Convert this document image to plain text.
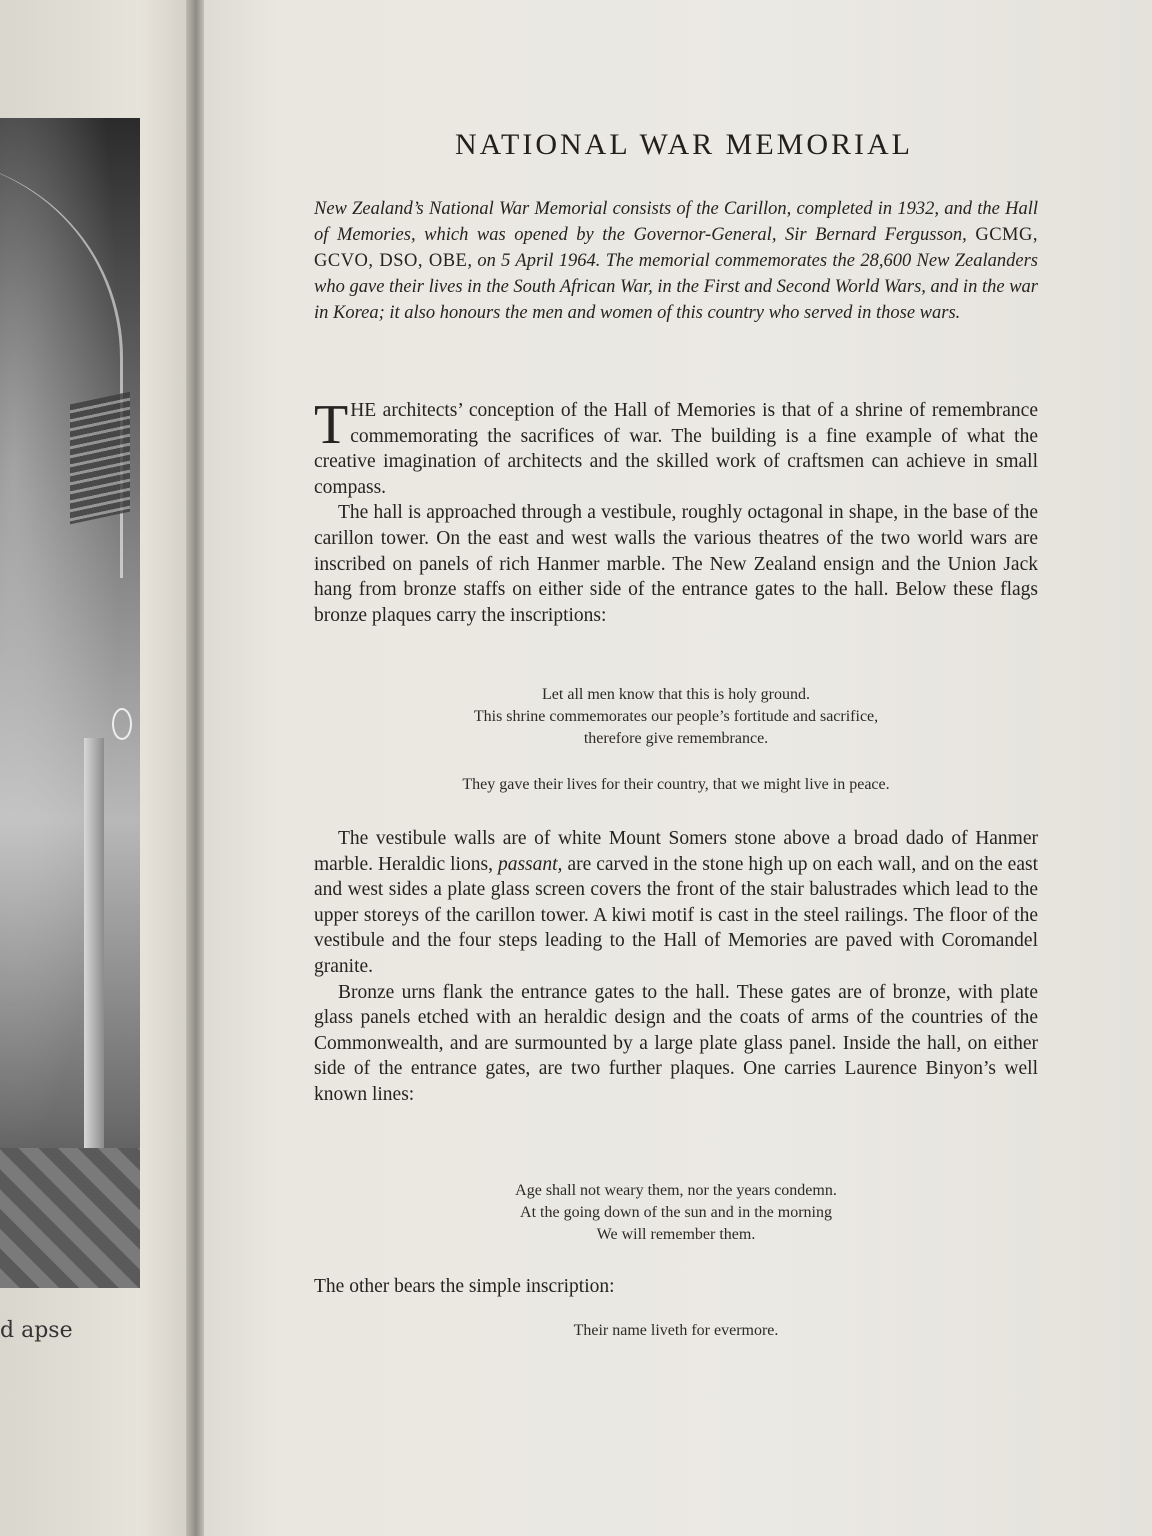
d apse
NATIONAL WAR MEMORIAL
New Zealand’s National War Memorial consists of the Carillon, completed in 1932, and the Hall of Memories, which was opened by the Governor-General, Sir Bernard Fergusson, GCMG, GCVO, DSO, OBE, on 5 April 1964. The memorial commemorates the 28,600 New Zealanders who gave their lives in the South African War, in the First and Second World Wars, and in the war in Korea; it also honours the men and women of this country who served in those wars.

THE architects’ conception of the Hall of Memories is that of a shrine of remembrance commemorating the sacrifices of war. The building is a fine example of what the creative imagination of architects and the skilled work of craftsmen can achieve in small compass.

The hall is approached through a vestibule, roughly octagonal in shape, in the base of the carillon tower. On the east and west walls the various theatres of the two world wars are inscribed on panels of rich Hanmer marble. The New Zealand ensign and the Union Jack hang from bronze staffs on either side of the entrance gates to the hall. Below these flags bronze plaques carry the inscriptions:

Let all men know that this is holy ground.
This shrine commemorates our people’s fortitude and sacrifice,
therefore give remembrance.
They gave their lives for their country, that we might live in peace.

The vestibule walls are of white Mount Somers stone above a broad dado of Hanmer marble. Heraldic lions, passant, are carved in the stone high up on each wall, and on the east and west sides a plate glass screen covers the front of the stair balustrades which lead to the upper storeys of the carillon tower. A kiwi motif is cast in the steel railings. The floor of the vestibule and the four steps leading to the Hall of Memories are paved with Coromandel granite.

Bronze urns flank the entrance gates to the hall. These gates are of bronze, with plate glass panels etched with an heraldic design and the coats of arms of the countries of the Commonwealth, and are surmounted by a large plate glass panel. Inside the hall, on either side of the entrance gates, are two further plaques. One carries Laurence Binyon’s well known lines:

Age shall not weary them, nor the years condemn.
At the going down of the sun and in the morning
We will remember them.

The other bears the simple inscription:

Their name liveth for evermore.
